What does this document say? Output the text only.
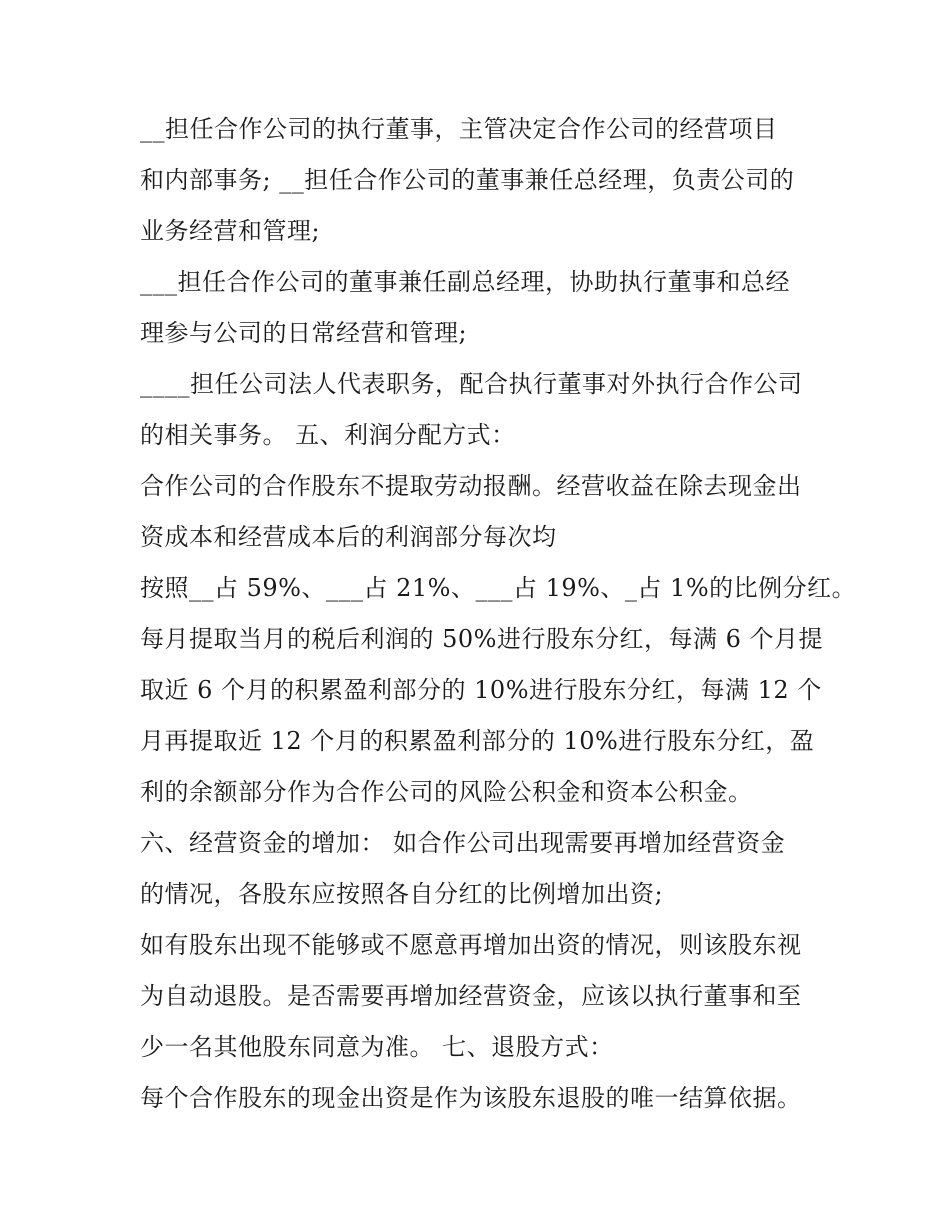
__担任合作公司的执行董事，主管决定合作公司的经营项目
和内部事务; __担任合作公司的董事兼任总经理，负责公司的
业务经营和管理;
___担任合作公司的董事兼任副总经理，协助执行董事和总经
理参与公司的日常经营和管理;
____担任公司法人代表职务，配合执行董事对外执行合作公司
的相关事务。 五、利润分配方式：
合作公司的合作股东不提取劳动报酬。经营收益在除去现金出
资成本和经营成本后的利润部分每次均
按照__占 59%、___占 21%、___占 19%、_占 1%的比例分红。
每月提取当月的税后利润的 50%进行股东分红，每满 6 个月提
取近 6 个月的积累盈利部分的 10%进行股东分红，每满 12 个
月再提取近 12 个月的积累盈利部分的 10%进行股东分红，盈
利的余额部分作为合作公司的风险公积金和资本公积金。
六、经营资金的增加： 如合作公司出现需要再增加经营资金
的情况，各股东应按照各自分红的比例增加出资;
如有股东出现不能够或不愿意再增加出资的情况，则该股东视
为自动退股。是否需要再增加经营资金，应该以执行董事和至
少一名其他股东同意为准。 七、退股方式：
每个合作股东的现金出资是作为该股东退股的唯一结算依据。
